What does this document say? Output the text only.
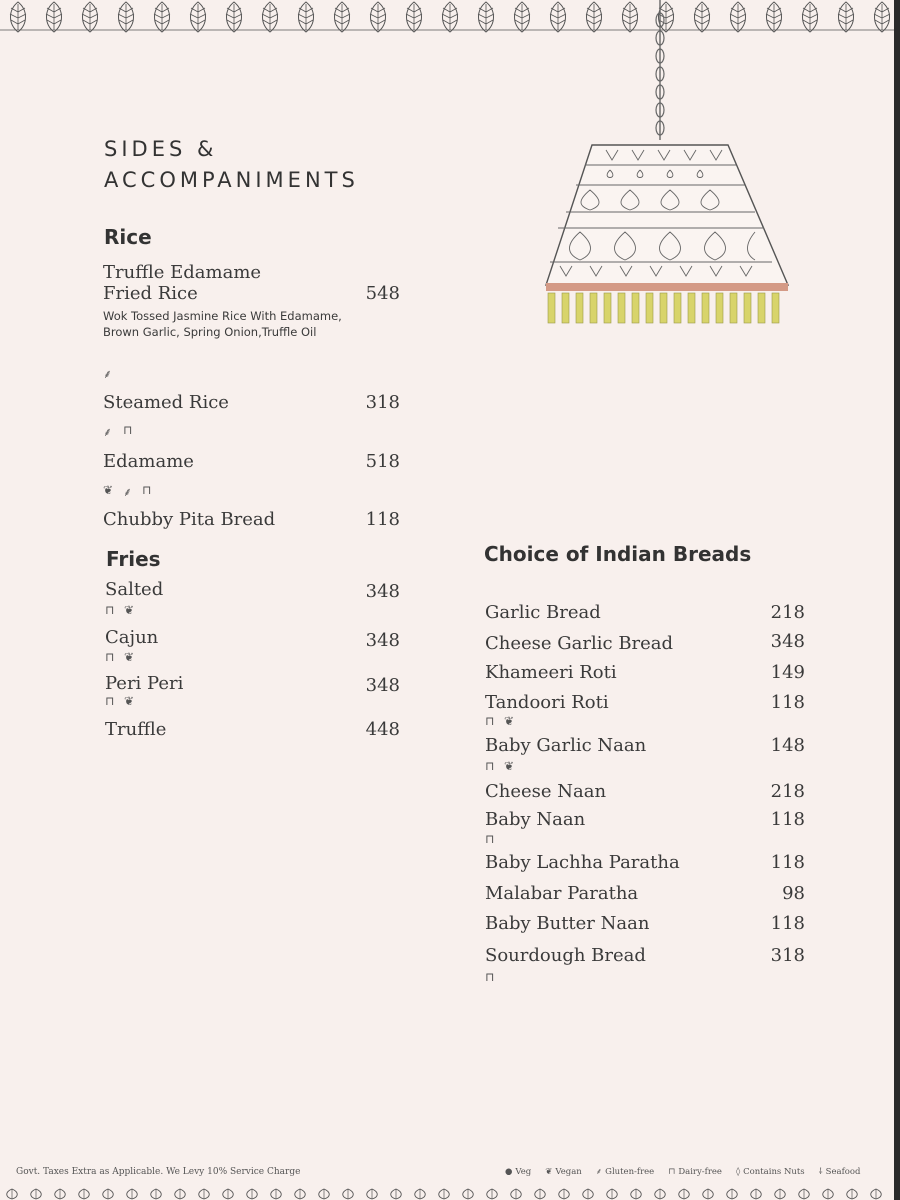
SIDES &
ACCOMPANIMENTS
Rice
Truffle Edamame
Fried Rice	548
Wok Tossed Jasmine Rice With Edamame, Brown Garlic, Spring Onion,Truffle Oil
⸙
Steamed Rice	318
⸙ ⊓
Edamame	518
❦ ⸙ ⊓
Chubby Pita Bread	118
Fries
Salted	348
⊓ ❦
Cajun	348
⊓ ❦
Peri Peri	348
⊓ ❦
Truffle	448
Choice of Indian Breads
Garlic Bread	218
Cheese Garlic Bread	348
Khameeri Roti	149
Tandoori Roti	118
⊓ ❦
Baby Garlic Naan	148
⊓ ❦
Cheese Naan	218
Baby Naan	118
⊓
Baby Lachha Paratha	118
Malabar Paratha	98
Baby Butter Naan	118
Sourdough Bread	318
⊓
Govt. Taxes Extra as Applicable. We Levy 10% Service Charge	● Veg ❦ Vegan ⸙ Gluten-free ⊓ Dairy-free ◊ Contains Nuts ⸸ Seafood
